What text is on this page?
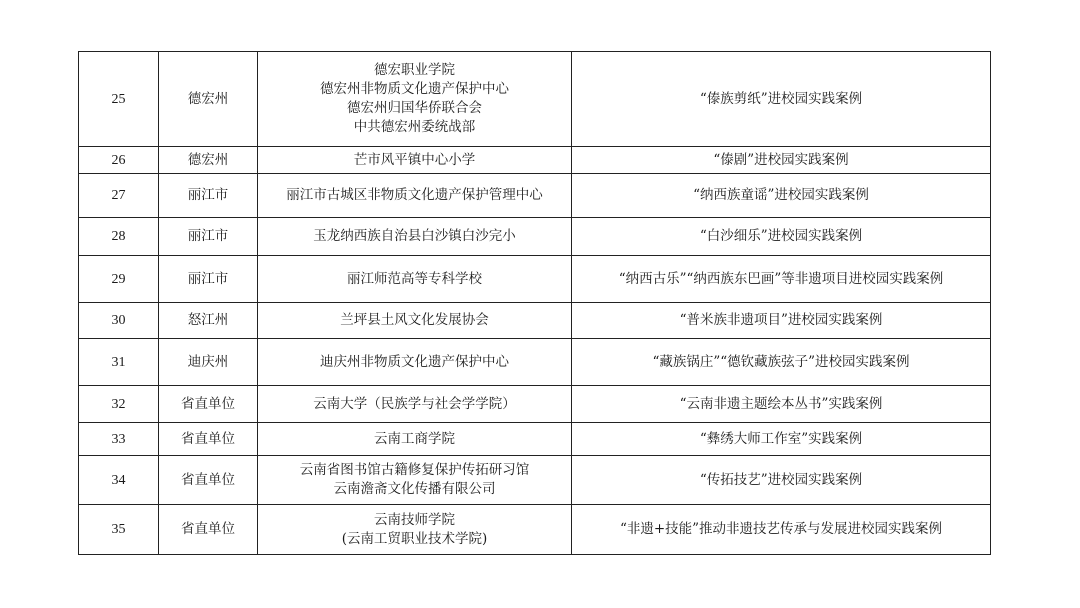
25	德宏州	德宏职业学院
德宏州非物质文化遗产保护中心
德宏州归国华侨联合会
中共德宏州委统战部	“傣族剪纸”进校园实践案例
26	德宏州	芒市风平镇中心小学	“傣剧”进校园实践案例
27	丽江市	丽江市古城区非物质文化遗产保护管理中心	“纳西族童谣”进校园实践案例
28	丽江市	玉龙纳西族自治县白沙镇白沙完小	“白沙细乐”进校园实践案例
29	丽江市	丽江师范高等专科学校	“纳西古乐”“纳西族东巴画”等非遗项目进校园实践案例
30	怒江州	兰坪县土风文化发展协会	“普米族非遗项目”进校园实践案例
31	迪庆州	迪庆州非物质文化遗产保护中心	“藏族锅庄”“德钦藏族弦子”进校园实践案例
32	省直单位	云南大学（民族学与社会学学院）	“云南非遗主题绘本丛书”实践案例
33	省直单位	云南工商学院	“彝绣大师工作室”实践案例
34	省直单位	云南省图书馆古籍修复保护传拓研习馆
云南澹斋文化传播有限公司	“传拓技艺”进校园实践案例
35	省直单位	云南技师学院
(云南工贸职业技术学院)	“非遗+技能”推动非遗技艺传承与发展进校园实践案例
